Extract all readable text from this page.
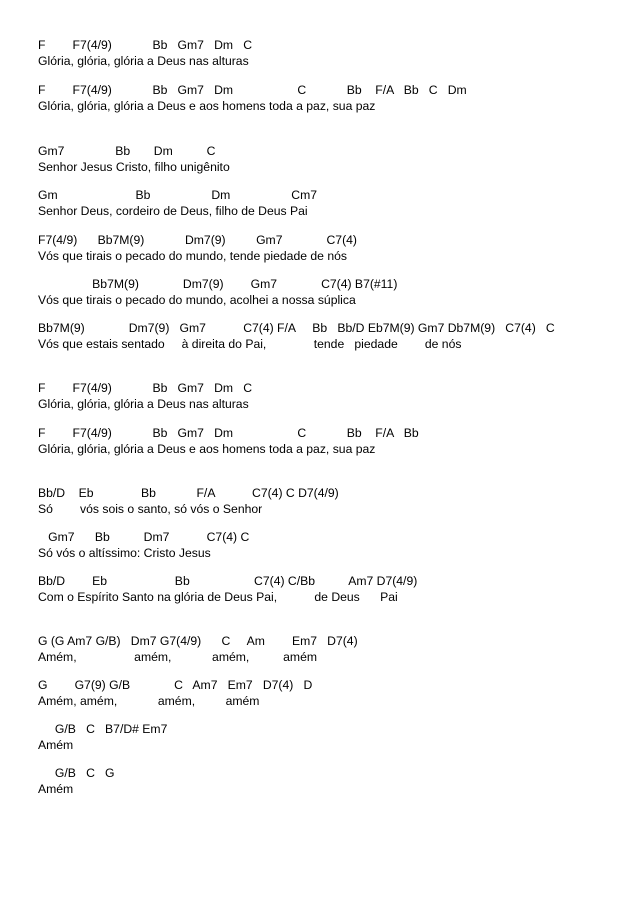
F        F7(4/9)            Bb   Gm7   Dm   C
Glória, glória, glória a Deus nas alturas
F        F7(4/9)            Bb   Gm7   Dm                   C            Bb    F/A   Bb   C   Dm
Glória, glória, glória a Deus e aos homens toda a paz, sua paz
Gm7               Bb       Dm          C
Senhor Jesus Cristo, filho unigênito
Gm                       Bb                  Dm                  Cm7
Senhor Deus, cordeiro de Deus, filho de Deus Pai
F7(4/9)      Bb7M(9)            Dm7(9)         Gm7             C7(4)
Vós que tirais o pecado do mundo, tende piedade de nós
Bb7M(9)             Dm7(9)        Gm7             C7(4) B7(#11)
Vós que tirais o pecado do mundo, acolhei a nossa súplica
Bb7M(9)             Dm7(9)   Gm7           C7(4) F/A     Bb   Bb/D Eb7M(9) Gm7 Db7M(9)   C7(4)   C
Vós que estais sentado     à direita do Pai,              tende   piedade        de nós
F        F7(4/9)            Bb   Gm7   Dm   C
Glória, glória, glória a Deus nas alturas
F        F7(4/9)            Bb   Gm7   Dm                   C            Bb    F/A   Bb
Glória, glória, glória a Deus e aos homens toda a paz, sua paz
Bb/D    Eb              Bb            F/A           C7(4) C D7(4/9)
Só        vós sois o santo, só vós o Senhor
Gm7      Bb          Dm7           C7(4) C
Só vós o altíssimo: Cristo Jesus
Bb/D        Eb                    Bb                   C7(4) C/Bb          Am7 D7(4/9)
Com o Espírito Santo na glória de Deus Pai,           de Deus      Pai
G (G Am7 G/B)   Dm7 G7(4/9)      C     Am        Em7   D7(4)
Amém,                 amém,            amém,          amém
G        G7(9) G/B             C   Am7   Em7   D7(4)   D
Amém, amém,            amém,         amém
G/B   C   B7/D# Em7
Amém
G/B   C   G
Amém
